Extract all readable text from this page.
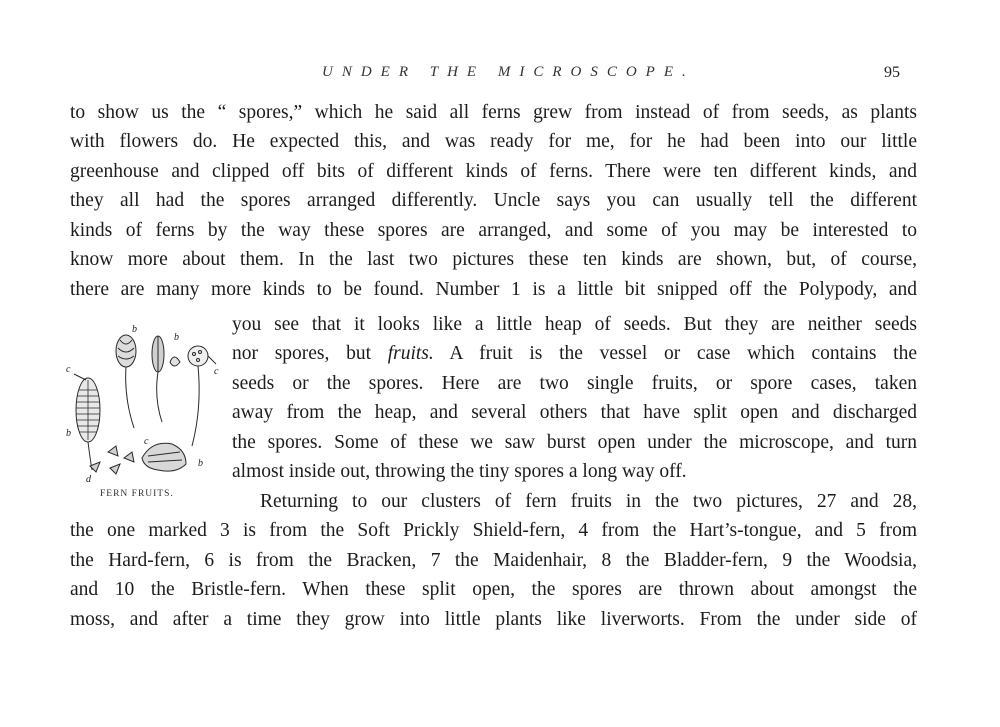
UNDER THE MICROSCOPE.	95
to show us the “ spores,” which he said all ferns grew from instead of from seeds, as plants
with flowers do. He expected this, and was ready for me, for he had been into our little
greenhouse and clipped off bits of different kinds of ferns. There were ten different kinds, and
they all had the spores arranged differently. Uncle says you can usually tell the different
kinds of ferns by the way these spores are arranged, and some of you may be interested to
know more about them. In the last two pictures these ten kinds are shown, but, of course,
there are many more kinds to be found. Number 1 is a little bit snipped off the Polypody, and
you see that it looks like a little heap of seeds. But they are neither seeds
nor spores, but fruits. A fruit is the vessel or case which contains the
seeds or the spores. Here are two single fruits, or spore cases, taken
away from the heap, and several others that have split open and discharged
the spores. Some of these we saw burst open under the microscope, and turn
almost inside out, throwing the tiny spores a long way off.
Returning to our clusters of fern fruits in the two pictures, 27 and 28,
the one marked 3 is from the Soft Prickly Shield-fern, 4 from the Hart’s-tongue, and 5 from
the Hard-fern, 6 is from the Bracken, 7 the Maidenhair, 8 the Bladder-fern, 9 the Woodsia,
and 10 the Bristle-fern. When these split open, the spores are thrown about amongst the
moss, and after a time they grow into little plants like liverworts. From the under side of
b
b
c	c
b
c
b
d
FERN FRUITS.
